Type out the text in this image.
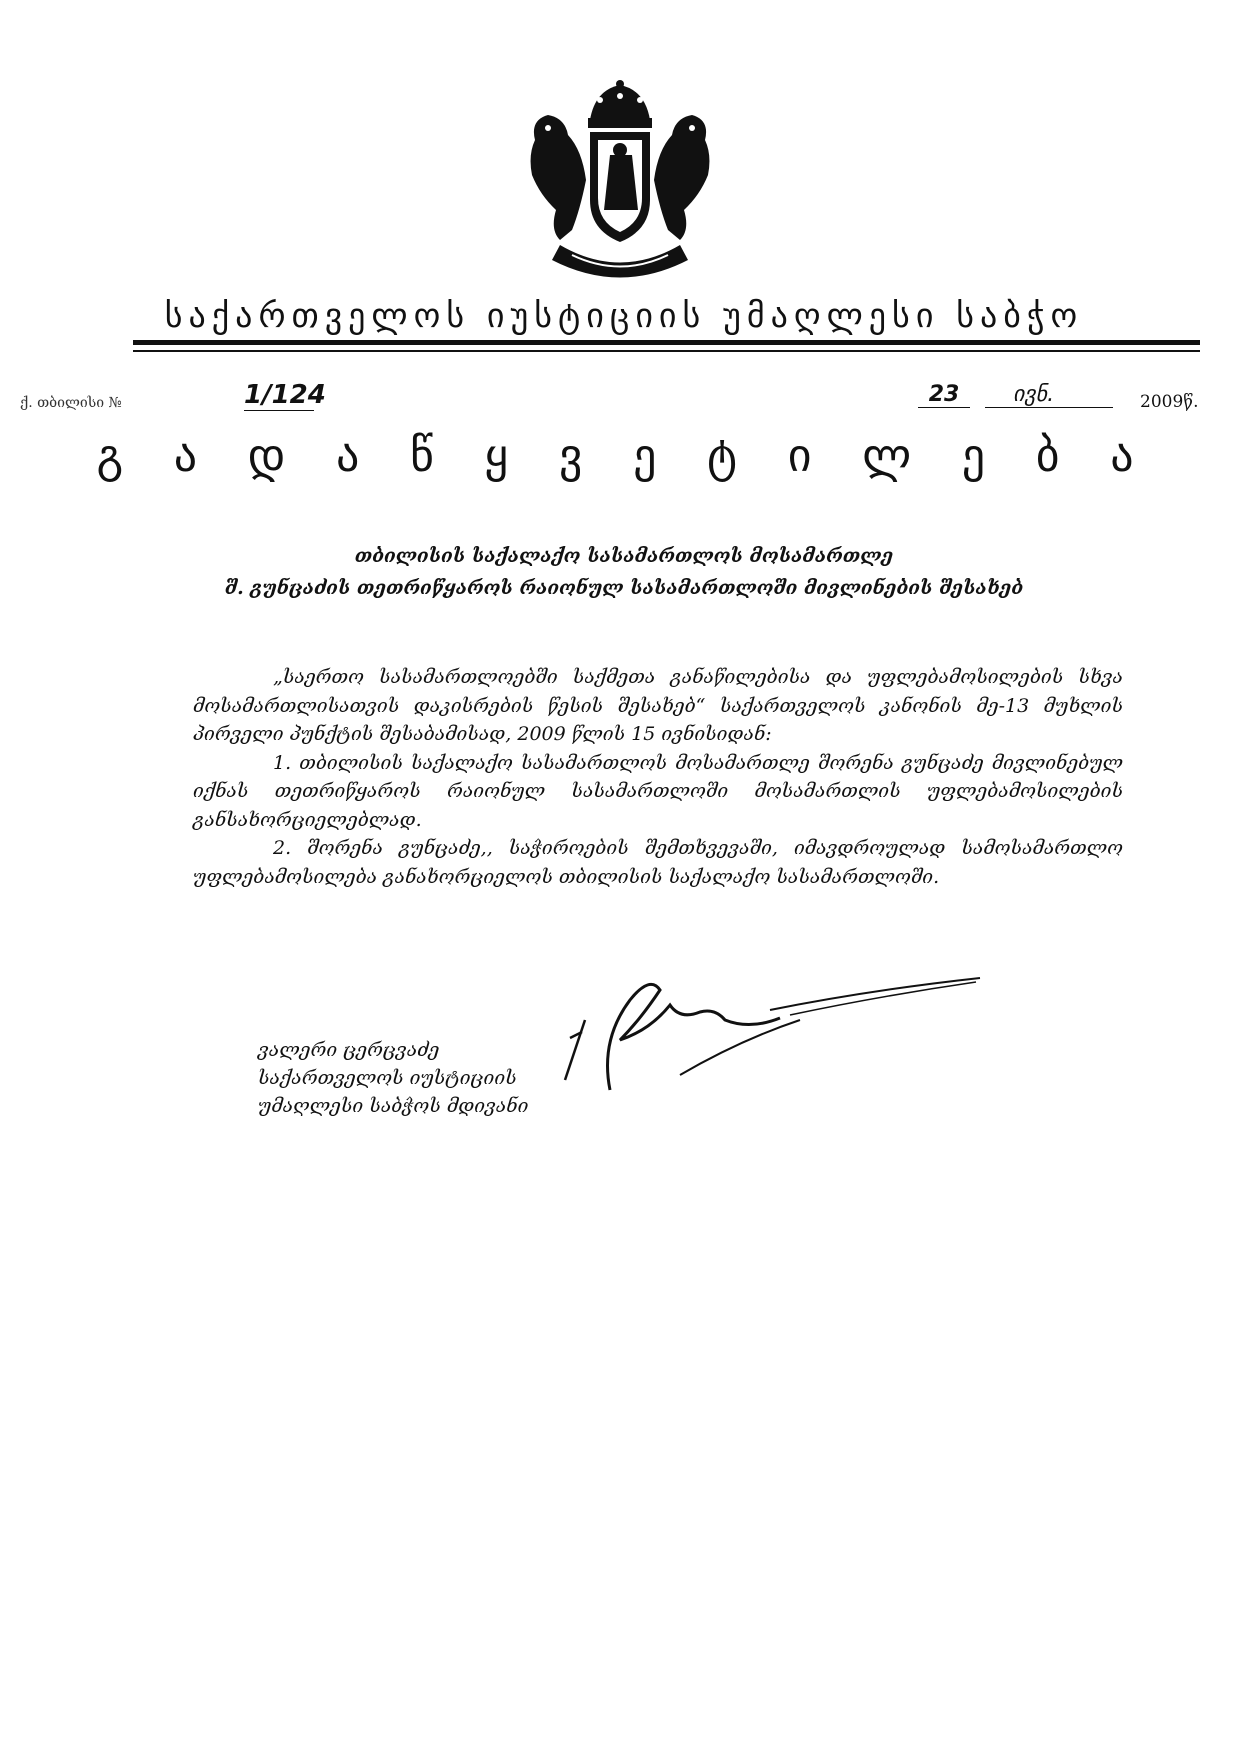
საქართველოს იუსტიციის უმაღლესი საბჭო
ქ. თბილისი №	1/124	23	ივნ.	2009წ.
გ ა დ ა წ ყ ვ ე ტ ი ლ ე ბ ა
თბილისის საქალაქო სასამართლოს მოსამართლე
შ. გუნცაძის თეთრიწყაროს რაიონულ სასამართლოში მივლინების შესახებ

„საერთო სასამართლოებში საქმეთა განაწილებისა და უფლებამოსილების სხვა მოსამართლისათვის დაკისრების წესის შესახებ“ საქართველოს კანონის მე-13 მუხლის პირველი პუნქტის შესაბამისად, 2009 წლის 15 ივნისიდან:

1. თბილისის საქალაქო სასამართლოს მოსამართლე შორენა გუნცაძე მივლინებულ იქნას თეთრიწყაროს რაიონულ სასამართლოში მოსამართლის უფლებამოსილების განსახორციელებლად.

2. შორენა გუნცაძე,, საჭიროების შემთხვევაში, იმავდროულად სამოსამართლო უფლებამოსილება განახორციელოს თბილისის საქალაქო სასამართლოში.

ვალერი ცერცვაძე
საქართველოს იუსტიციის
უმაღლესი საბჭოს მდივანი
